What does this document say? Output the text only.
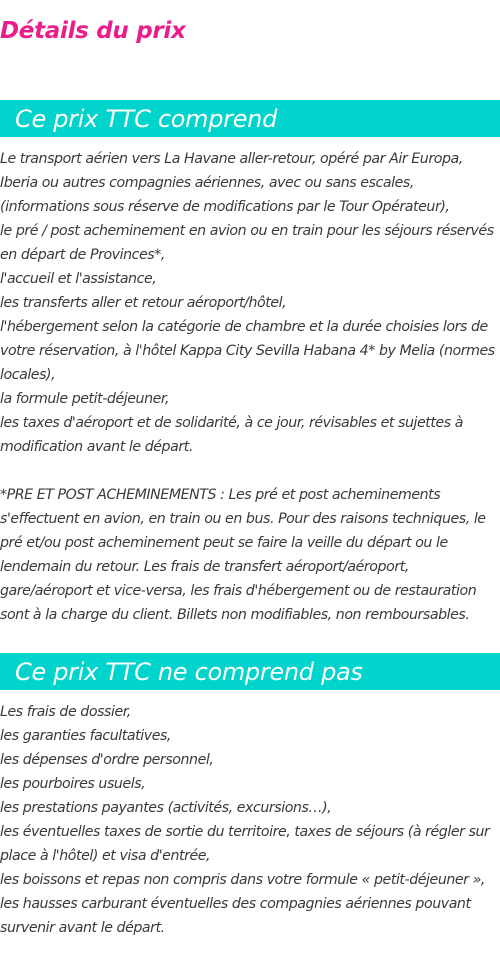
Détails du prix
Ce prix TTC comprend

Le transport aérien vers La Havane aller-retour, opéré par Air Europa, Iberia ou autres compagnies aériennes, avec ou sans escales, (informations sous réserve de modifications par le Tour Opérateur),

le pré / post acheminement en avion ou en train pour les séjours réservés en départ de Provinces*,

l'accueil et l'assistance,

les transferts aller et retour aéroport/hôtel,

l'hébergement selon la catégorie de chambre et la durée choisies lors de votre réservation, à l'hôtel Kappa City Sevilla Habana 4* by Melia (normes locales),

la formule petit-déjeuner,

les taxes d'aéroport et de solidarité, à ce jour, révisables et sujettes à modification avant le départ.

*PRE ET POST ACHEMINEMENTS : Les pré et post acheminements s'effectuent en avion, en train ou en bus. Pour des raisons techniques, le pré et/ou post acheminement peut se faire la veille du départ ou le lendemain du retour. Les frais de transfert aéroport/aéroport, gare/aéroport et vice-versa, les frais d'hébergement ou de restauration sont à la charge du client. Billets non modifiables, non remboursables.

Ce prix TTC ne comprend pas

Les frais de dossier,

les garanties facultatives,

les dépenses d'ordre personnel,

les pourboires usuels,

les prestations payantes (activités, excursions…),

les éventuelles taxes de sortie du territoire, taxes de séjours (à régler sur place à l'hôtel) et visa d'entrée,

les boissons et repas non compris dans votre formule « petit-déjeuner »,

les hausses carburant éventuelles des compagnies aériennes pouvant survenir avant le départ.
